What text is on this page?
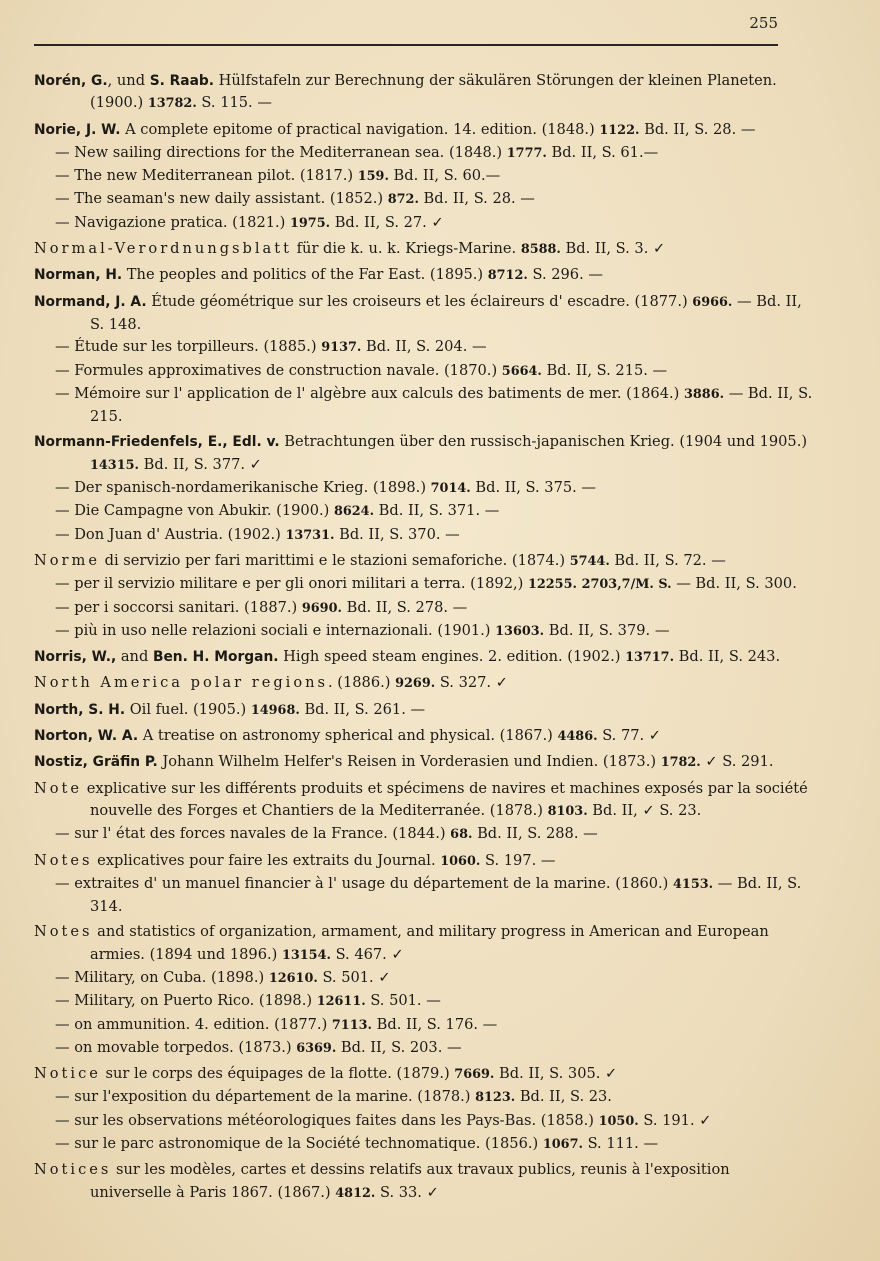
255
Norén, G., und S. Raab. Hülfstafeln zur Berechnung der säkulären Störungen der kleinen Planeten. (1900.) 13782. S. 115. —
Norie, J. W. A complete epitome of practical navigation. 14. edition. (1848.) 1122. Bd. II, S. 28. —
— New sailing directions for the Mediterranean sea. (1848.) 1777. Bd. II, S. 61.—
— The new Mediterranean pilot. (1817.) 159. Bd. II, S. 60.—
— The seaman's new daily assistant. (1852.) 872. Bd. II, S. 28. —
— Navigazione pratica. (1821.) 1975. Bd. II, S. 27. ✓
Normal-Verordnungsblatt für die k. u. k. Kriegs-Marine. 8588. Bd. II, S. 3. ✓
Norman, H. The peoples and politics of the Far East. (1895.) 8712. S. 296. —
Normand, J. A. Étude géométrique sur les croiseurs et les éclaireurs d' escadre. (1877.) 6966. — Bd. II, S. 148.
— Étude sur les torpilleurs. (1885.) 9137. Bd. II, S. 204. —
— Formules approximatives de construction navale. (1870.) 5664. Bd. II, S. 215. —
— Mémoire sur l' application de l' algèbre aux calculs des batiments de mer. (1864.) 3886. — Bd. II, S. 215.
Normann-Friedenfels, E., Edl. v. Betrachtungen über den russisch-japanischen Krieg. (1904 und 1905.) 14315. Bd. II, S. 377. ✓
— Der spanisch-nordamerikanische Krieg. (1898.) 7014. Bd. II, S. 375. —
— Die Campagne von Abukir. (1900.) 8624. Bd. II, S. 371. —
— Don Juan d' Austria. (1902.) 13731. Bd. II, S. 370. —
Norme di servizio per fari marittimi e le stazioni semaforiche. (1874.) 5744. Bd. II, S. 72. —
— per il servizio militare e per gli onori militari a terra. (1892,) 12255. 2703,7/M. S. — Bd. II, S. 300.
— per i soccorsi sanitari. (1887.) 9690. Bd. II, S. 278. —
— più in uso nelle relazioni sociali e internazionali. (1901.) 13603. Bd. II, S. 379. —
Norris, W., and Ben. H. Morgan. High speed steam engines. 2. edition. (1902.) 13717. Bd. II, S. 243.
North America polar regions. (1886.) 9269. S. 327. ✓
North, S. H. Oil fuel. (1905.) 14968. Bd. II, S. 261. —
Norton, W. A. A treatise on astronomy spherical and physical. (1867.) 4486. S. 77. ✓
Nostiz, Gräfin P. Johann Wilhelm Helfer's Reisen in Vorderasien und Indien. (1873.) 1782. ✓ S. 291.
Note explicative sur les différents produits et spécimens de navires et machines exposés par la société nouvelle des Forges et Chantiers de la Mediterranée. (1878.) 8103. Bd. II, ✓ S. 23.
— sur l' état des forces navales de la France. (1844.) 68. Bd. II, S. 288. —
Notes explicatives pour faire les extraits du Journal. 1060. S. 197. —
— extraites d' un manuel financier à l' usage du département de la marine. (1860.) 4153. — Bd. II, S. 314.
Notes and statistics of organization, armament, and military progress in American and European armies. (1894 und 1896.) 13154. S. 467. ✓
— Military, on Cuba. (1898.) 12610. S. 501. ✓
— Military, on Puerto Rico. (1898.) 12611. S. 501. —
— on ammunition. 4. edition. (1877.) 7113. Bd. II, S. 176. —
— on movable torpedos. (1873.) 6369. Bd. II, S. 203. —
Notice sur le corps des équipages de la flotte. (1879.) 7669. Bd. II, S. 305. ✓
— sur l'exposition du département de la marine. (1878.) 8123. Bd. II, S. 23.
— sur les observations météorologiques faites dans les Pays-Bas. (1858.) 1050. S. 191. ✓
— sur le parc astronomique de la Société technomatique. (1856.) 1067. S. 111. —
Notices sur les modèles, cartes et dessins relatifs aux travaux publics, reunis à l'exposition universelle à Paris 1867. (1867.) 4812. S. 33. ✓
